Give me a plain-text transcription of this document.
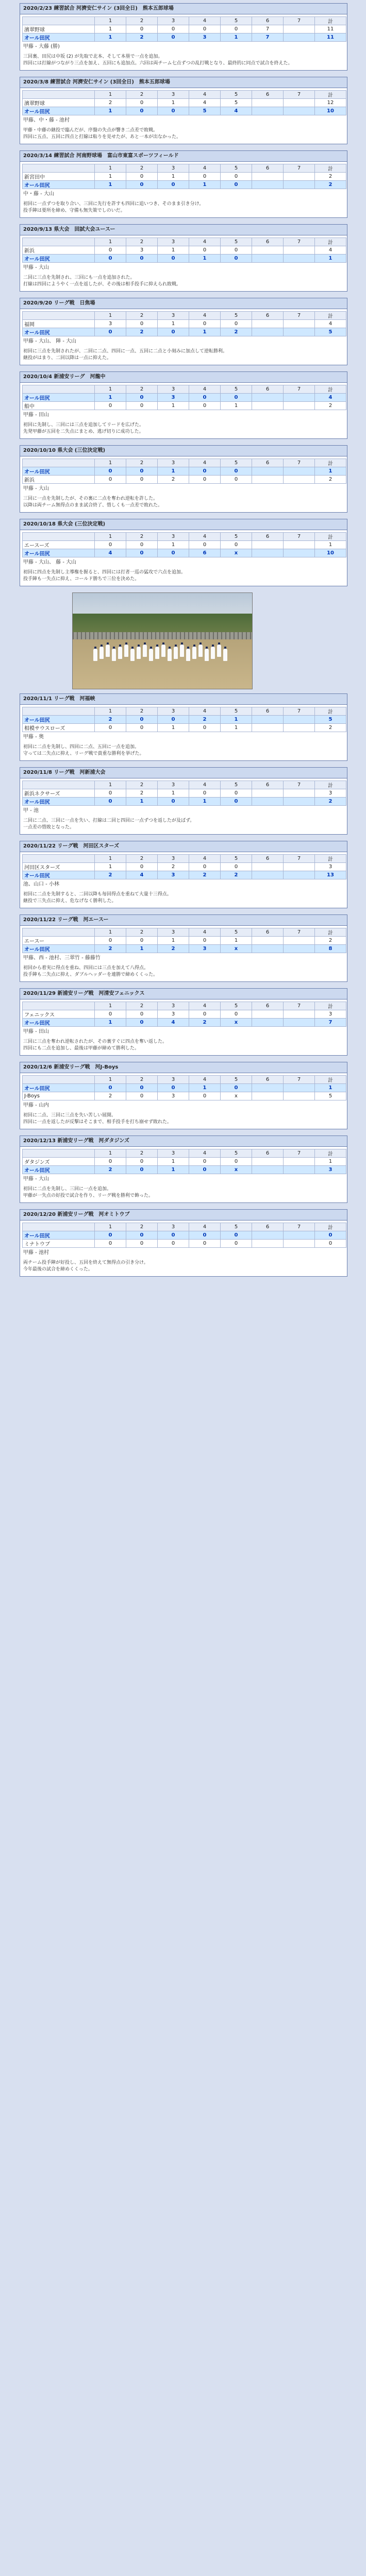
2020/2/23 練習試合 河濟安仁サイン (3回全日)　熊本五郎球場
	1	2	3	4	5	6	7	計
濱翠野球	1	0	0	0	0	7		11
オール田尻	1	2	0	3	1	7		11
甲藤 - 大藤 (勝)
三回裏、田尻は中坂 (2) が先取で北本、そして本塁で一点を追加。
四回には打線がつながり三点を加え、五回にも追加点。六回は両チーム七点ずつの乱打戦となり、最終的に同点で試合を終えた。
2020/3/8 練習試合 河濟安仁サイン (3回全日)　熊本五郎球場
	1	2	3	4	5	6	7	計
濱翠野球	2	0	1	4	5			12
オール田尻	1	0	0	5	4			10
甲藤、中・藤 - 池村
甲藤・中藤の継投で臨んだが、序盤の失点が響き二点差で敗戦。
四回に五点、五回に四点と打線は粘りを見せたが、あと一本が出なかった。
2020/3/14 練習試合 河南野球場　富山市東富スポーツフィールド
	1	2	3	4	5	6	7	計
新宮田中	1	0	1	0	0			2
オール田尻	1	0	0	1	0			2
中・藤 - 大山
初回に一点ずつを取り合い、三回に先行を許すも四回に追いつき、そのまま引き分け。
投手陣は要所を締め、守備も無失策でしのいだ。
2020/9/13 県大会　回試大会ユースー
	1	2	3	4	5	6	7	計
新浜	0	3	1	0	0			4
オール田尻	0	0	0	1	0			1
甲藤 - 大山
二回に三点を先制され、三回にも一点を追加された。
打線は四回にようやく一点を返したが、その後は相手投手に抑えられ敗戦。
2020/9/20 リーグ戦　日焦場
	1	2	3	4	5	6	7	計
福岡	3	0	1	0	0			4
オール田尻	0	2	0	1	2			5
甲藤 - 大山、 陣 - 大山
初回に三点を先制されたが、二回に二点、四回に一点、五回に二点と小刻みに加点して逆転勝利。
継投がはまり、二回以降は一点に抑えた。
2020/10/4 新浦安リーグ　河龍中
	1	2	3	4	5	6	7	計
オール田尻	1	0	3	0	0			4
船中	0	0	1	0	1			2
甲藤 - 田山
初回に先制し、三回には三点を追加してリードを広げた。
先発甲藤が五回を二失点にまとめ、逃げ切りに成功した。
2020/10/10 県大会 (三位決定戦)
	1	2	3	4	5	6	7	計
オール田尻	0	0	1	0	0			1
新浜	0	0	2	0	0			2
甲藤 - 大山
三回に一点を先制したが、その裏に二点を奪われ逆転を許した。
以降は両チーム無得点のまま試合終了、惜しくも一点差で敗れた。
2020/10/18 県大会 (三位決定戦)
	1	2	3	4	5	6	7	計
エースーズ	0	0	1	0	0			1
オール田尻	4	0	0	6	x			10
甲藤 - 大山、 藤 - 大山
初回に四点を先制し主導権を握ると、四回には打者一巡の猛攻で六点を追加。
投手陣も一失点に抑え、コールド勝ちで三位を決めた。
2020/11/1 リーグ戦　河福峡
	1	2	3	4	5	6	7	計
オール田尻	2	0	0	2	1			5
相模サウスローズ	0	0	1	0	1			2
甲藤 - 奥
初回に二点を先制し、四回に二点、五回に一点を追加。
守っては二失点に抑え、リーグ戦で貴重な勝利を挙げた。
2020/11/8 リーグ戦　河新浦大会
	1	2	3	4	5	6	7	計
新浜ネクサーズ	0	2	1	0	0			3
オール田尻	0	1	0	1	0			2
甲 - 池
二回に二点、三回に一点を失い、打線は二回と四回に一点ずつを返したが及ばず。
一点差の惜敗となった。
2020/11/22 リーグ戦　河田区スターズ
	1	2	3	4	5	6	7	計
河田区スターズ	1	0	2	0	0			3
オール田尻	2	4	3	2	2			13
池、山口 - 小林
初回に二点を先制すると、二回以降も毎回得点を重ねて大量十三得点。
継投で三失点に抑え、危なげなく勝利した。
2020/11/22 リーグ戦　河エースー
	1	2	3	4	5	6	7	計
エースー	0	0	1	0	1			2
オール田尻	2	1	2	3	x			8
甲藤、西 - 池村、三翠竹 - 藤藤竹
初回から着実に得点を重ね、四回には三点を加えて八得点。
投手陣も二失点に抑え、ダブルヘッダーを連勝で締めくくった。
2020/11/29 新浦安リーグ戦　河清安フェニックス
	1	2	3	4	5	6	7	計
フェニックス	0	0	3	0	0			3
オール田尻	1	0	4	2	x			7
甲藤 - 田山
三回に三点を奪われ逆転されたが、その裏すぐに四点を奪い返した。
四回にも二点を追加し、最後は甲藤が締めて勝利した。
2020/12/6 新浦安リーグ戦　河J-Boys
	1	2	3	4	5	6	7	計
オール田尻	0	0	0	1	0			1
J-Boys	2	0	3	0	x			5
甲藤 - 山内
初回に二点、三回に三点を失い苦しい展開。
四回に一点を返したが反撃はそこまで、相手投手を打ち崩せず敗れた。
2020/12/13 新浦安リーグ戦　河ダタジンズ
	1	2	3	4	5	6	7	計
ダタジンズ	0	0	1	0	0			1
オール田尻	2	0	1	0	x			3
甲藤 - 大山
初回に二点を先制し、三回に一点を追加。
甲藤が一失点の好投で試合を作り、リーグ戦を勝利で飾った。
2020/12/20 新浦安リーグ戦　河オミトウブ
	1	2	3	4	5	6	7	計
オール田尻	0	0	0	0	0			0
ミナトウブ	0	0	0	0	0			0
甲藤 - 池村
両チーム投手陣が好投し、五回を終えて無得点の引き分け。
今年最後の試合を締めくくった。
